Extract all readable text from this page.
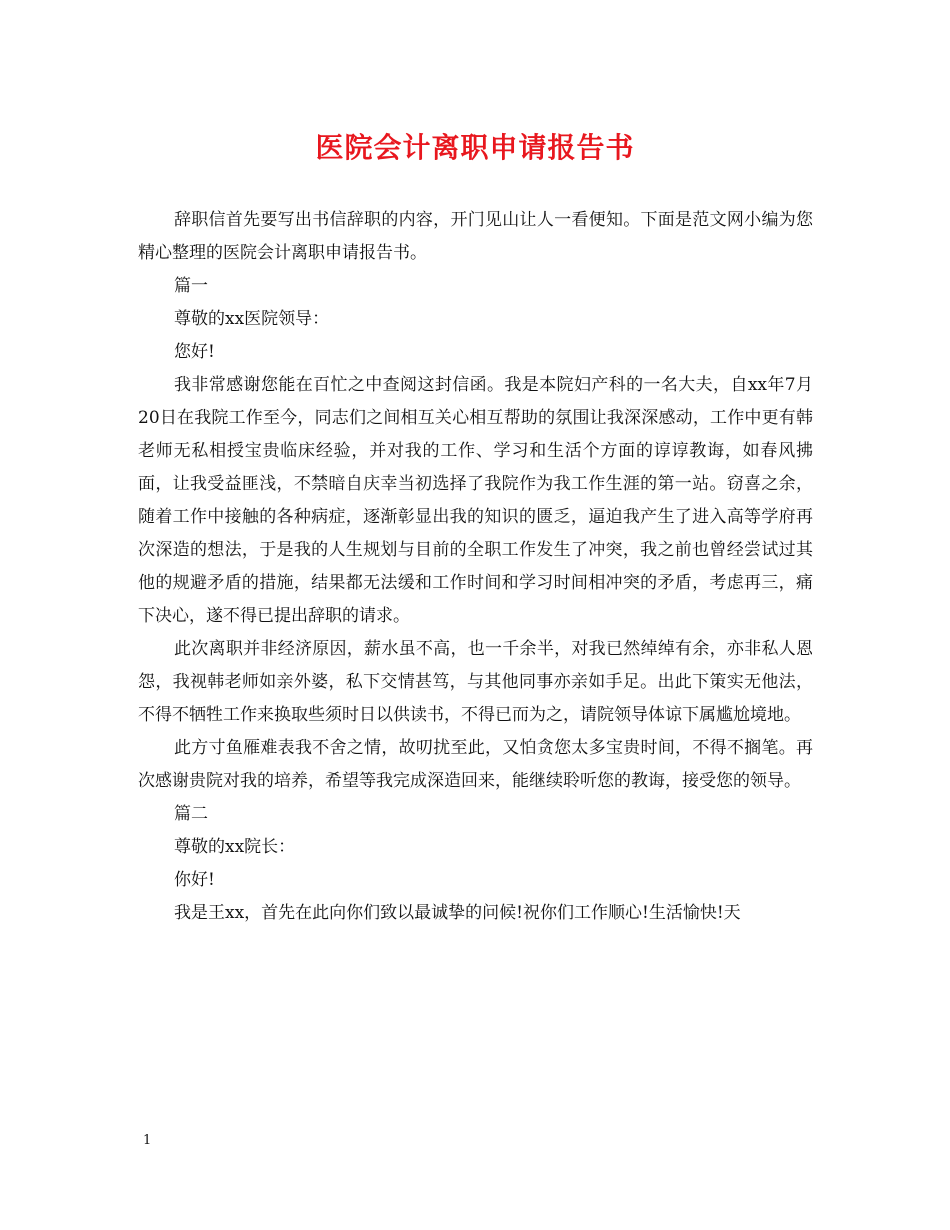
医院会计离职申请报告书

辞职信首先要写出书信辞职的内容，开门见山让人一看便知。下面是范文网小编为您精心整理的医院会计离职申请报告书。

篇一

尊敬的xx医院领导：

您好!

我非常感谢您能在百忙之中查阅这封信函。我是本院妇产科的一名大夫，自xx年7月20日在我院工作至今，同志们之间相互关心相互帮助的氛围让我深深感动，工作中更有韩老师无私相授宝贵临床经验，并对我的工作、学习和生活个方面的谆谆教诲，如春风拂面，让我受益匪浅，不禁暗自庆幸当初选择了我院作为我工作生涯的第一站。窃喜之余，随着工作中接触的各种病症，逐渐彰显出我的知识的匮乏，逼迫我产生了进入高等学府再次深造的想法，于是我的人生规划与目前的全职工作发生了冲突，我之前也曾经尝试过其他的规避矛盾的措施，结果都无法缓和工作时间和学习时间相冲突的矛盾，考虑再三，痛下决心，遂不得已提出辞职的请求。

此次离职并非经济原因，薪水虽不高，也一千余半，对我已然绰绰有余，亦非私人恩怨，我视韩老师如亲外婆，私下交情甚笃，与其他同事亦亲如手足。出此下策实无他法，不得不牺牲工作来换取些须时日以供读书，不得已而为之，请院领导体谅下属尴尬境地。

此方寸鱼雁难表我不舍之情，故叨扰至此，又怕贪您太多宝贵时间，不得不搁笔。再次感谢贵院对我的培养，希望等我完成深造回来，能继续聆听您的教诲，接受您的领导。

篇二

尊敬的xx院长：

你好!

我是王xx，首先在此向你们致以最诚挚的问候!祝你们工作顺心!生活愉快!天

1
